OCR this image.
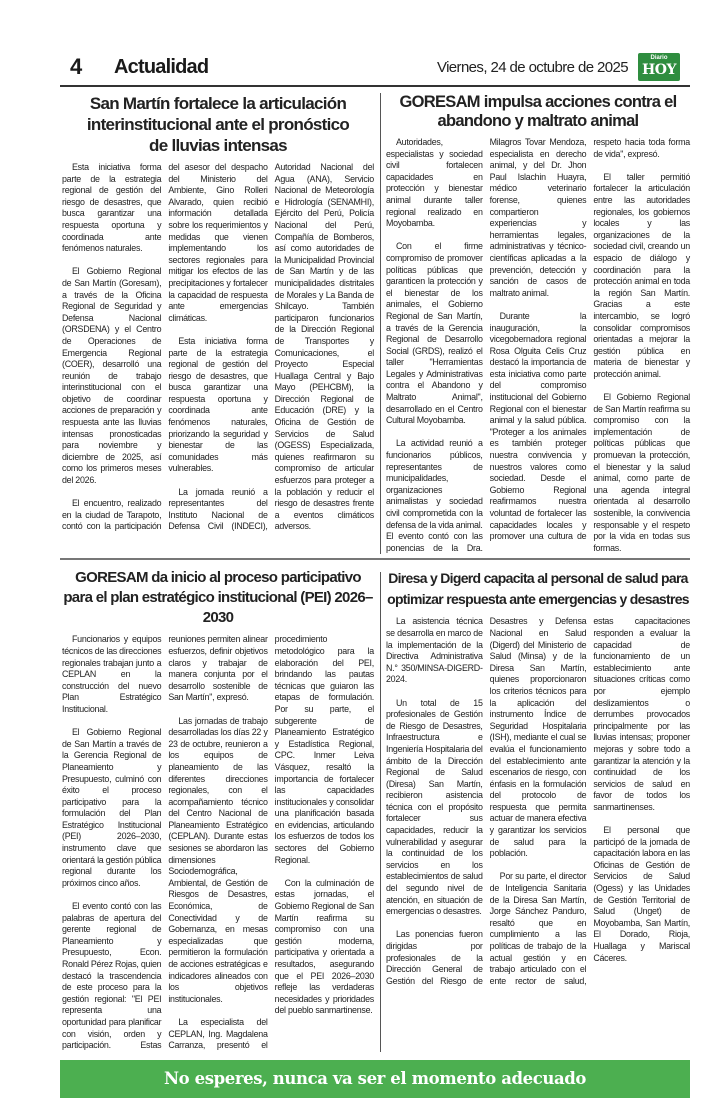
4	Actualidad	Viernes, 24 de octubre de 2025
Diario
HOY
San Martín fortalece la articulación interinstitucional ante el pronóstico de lluvias intensas

Esta iniciativa forma parte de la estrategia regional de gestión del riesgo de desastres, que busca garantizar una respuesta oportuna y coordinada ante fenómenos naturales.

El Gobierno Regional de San Martín (Goresam), a través de la Oficina Regional de Seguridad y Defensa Nacional (ORSDENA) y el Centro de Operaciones de Emergencia Regional (COER), desarrolló una reunión de trabajo interinstitucional con el objetivo de coordinar acciones de preparación y respuesta ante las lluvias intensas pronosticadas para noviembre y diciembre de 2025, así como los primeros meses del 2026.

El encuentro, realizado en la ciudad de Tarapoto, contó con la participación del asesor del despacho del Ministerio del Ambiente, Gino Rolleri Alvarado, quien recibió información detallada sobre los requerimientos y medidas que vienen implementando los sectores regionales para mitigar los efectos de las precipitaciones y fortalecer la capacidad de respuesta ante emergencias climáticas.

Esta iniciativa forma parte de la estrategia regional de gestión del riesgo de desastres, que busca garantizar una respuesta oportuna y coordinada ante fenómenos naturales, priorizando la seguridad y bienestar de las comunidades más vulnerables.

La jornada reunió a representantes del Instituto Nacional de Defensa Civil (INDECI), Autoridad Nacional del Agua (ANA), Servicio Nacional de Meteorología e Hidrología (SENAMHI), Ejército del Perú, Policía Nacional del Perú, Compañía de Bomberos, así como autoridades de la Municipalidad Provincial de San Martín y de las municipalidades distritales de Morales y La Banda de Shilcayo. También participaron funcionarios de la Dirección Regional de Transportes y Comunicaciones, el Proyecto Especial Huallaga Central y Bajo Mayo (PEHCBM), la Dirección Regional de Educación (DRE) y la Oficina de Gestión de Servicios de Salud (OGESS) Especializada, quienes reafirmaron su compromiso de articular esfuerzos para proteger a la población y reducir el riesgo de desastres frente a eventos climáticos adversos.

GORESAM impulsa acciones contra el abandono y maltrato animal

Autoridades, especialistas y sociedad civil fortalecen capacidades en protección y bienestar animal durante taller regional realizado en Moyobamba.

Con el firme compromiso de promover políticas públicas que garanticen la protección y el bienestar de los animales, el Gobierno Regional de San Martín, a través de la Gerencia Regional de Desarrollo Social (GRDS), realizó el taller "Herramientas Legales y Administrativas contra el Abandono y Maltrato Animal", desarrollado en el Centro Cultural Moyobamba.

La actividad reunió a funcionarios públicos, representantes de municipalidades, organizaciones animalistas y sociedad civil comprometida con la defensa de la vida animal. El evento contó con las ponencias de la Dra. Milagros Tovar Mendoza, especialista en derecho animal, y del Dr. Jhon Paul Islachin Huayra, médico veterinario forense, quienes compartieron experiencias y herramientas legales, administrativas y técnico-científicas aplicadas a la prevención, detección y sanción de casos de maltrato animal.

Durante la inauguración, la vicegobernadora regional Rosa Olguita Celis Cruz destacó la importancia de esta iniciativa como parte del compromiso institucional del Gobierno Regional con el bienestar animal y la salud pública. "Proteger a los animales es también proteger nuestra convivencia y nuestros valores como sociedad. Desde el Gobierno Regional reafirmamos nuestra voluntad de fortalecer las capacidades locales y promover una cultura de respeto hacia toda forma de vida", expresó.

El taller permitió fortalecer la articulación entre las autoridades regionales, los gobiernos locales y las organizaciones de la sociedad civil, creando un espacio de diálogo y coordinación para la protección animal en toda la región San Martín. Gracias a este intercambio, se logró consolidar compromisos orientadas a mejorar la gestión pública en materia de bienestar y protección animal.

El Gobierno Regional de San Martín reafirma su compromiso con la implementación de políticas públicas que promuevan la protección, el bienestar y la salud animal, como parte de una agenda integral orientada al desarrollo sostenible, la convivencia responsable y el respeto por la vida en todas sus formas.

GORESAM da inicio al proceso participativo para el plan estratégico institucional (PEI) 2026–2030

Funcionarios y equipos técnicos de las direcciones regionales trabajan junto a CEPLAN en la construcción del nuevo Plan Estratégico Institucional.

El Gobierno Regional de San Martín a través de la Gerencia Regional de Planeamiento y Presupuesto, culminó con éxito el proceso participativo para la formulación del Plan Estratégico Institucional (PEI) 2026–2030, instrumento clave que orientará la gestión pública regional durante los próximos cinco años.

El evento contó con las palabras de apertura del gerente regional de Planeamiento y Presupuesto, Econ. Ronald Pérez Rojas, quien destacó la trascendencia de este proceso para la gestión regional: "El PEI representa una oportunidad para planificar con visión, orden y participación. Estas reuniones permiten alinear esfuerzos, definir objetivos claros y trabajar de manera conjunta por el desarrollo sostenible de San Martín", expresó.

Las jornadas de trabajo desarrolladas los días 22 y 23 de octubre, reunieron a los equipos de planeamiento de las diferentes direcciones regionales, con el acompañamiento técnico del Centro Nacional de Planeamiento Estratégico (CEPLAN). Durante estas sesiones se abordaron las dimensiones Sociodemográfica, Ambiental, de Gestión de Riesgos de Desastres, Económica, de Conectividad y de Gobernanza, en mesas especializadas que permitieron la formulación de acciones estratégicas e indicadores alineados con los objetivos institucionales.

La especialista del CEPLAN, Ing. Magdalena Carranza, presentó el procedimiento metodológico para la elaboración del PEI, brindando las pautas técnicas que guiaron las etapas de formulación. Por su parte, el subgerente de Planeamiento Estratégico y Estadística Regional, CPC. Inmer Leiva Vásquez, resaltó la importancia de fortalecer las capacidades institucionales y consolidar una planificación basada en evidencias, articulando los esfuerzos de todos los sectores del Gobierno Regional.

Con la culminación de estas jornadas, el Gobierno Regional de San Martín reafirma su compromiso con una gestión moderna, participativa y orientada a resultados, asegurando que el PEI 2026–2030 refleje las verdaderas necesidades y prioridades del pueblo sanmartinense.

Diresa y Digerd capacita al personal de salud para optimizar respuesta ante emergencias y desastres

La asistencia técnica se desarrolla en marco de la implementación de la Directiva Administrativa N.° 350/MINSA-DIGERD-2024.

Un total de 15 profesionales de Gestión de Riesgo de Desastres, Infraestructura e Ingeniería Hospitalaria del ámbito de la Dirección Regional de Salud (Diresa) San Martín, recibieron asistencia técnica con el propósito fortalecer sus capacidades, reducir la vulnerabilidad y asegurar la continuidad de los servicios en los establecimientos de salud del segundo nivel de atención, en situación de emergencias o desastres.

Las ponencias fueron dirigidas por profesionales de la Dirección General de Gestión del Riesgo de Desastres y Defensa Nacional en Salud (Digerd) del Ministerio de Salud (Minsa) y de la Diresa San Martín, quienes proporcionaron los criterios técnicos para la aplicación del instrumento Índice de Seguridad Hospitalaria (ISH), mediante el cual se evalúa el funcionamiento del establecimiento ante escenarios de riesgo, con énfasis en la formulación del protocolo de respuesta que permita actuar de manera efectiva y garantizar los servicios de salud para la población.

Por su parte, el director de Inteligencia Sanitaria de la Diresa San Martín, Jorge Sánchez Panduro, resaltó que en cumplimiento a las políticas de trabajo de la actual gestión y en trabajo articulado con el ente rector de salud, estas capacitaciones responden a evaluar la capacidad de funcionamiento de un establecimiento ante situaciones críticas como por ejemplo deslizamientos o derrumbes provocados principalmente por las lluvias intensas; proponer mejoras y sobre todo a garantizar la atención y la continuidad de los servicios de salud en favor de todos los sanmartinenses.

El personal que participó de la jornada de capacitación labora en las Oficinas de Gestión de Servicios de Salud (Ogess) y las Unidades de Gestión Territorial de Salud (Unget) de Moyobamba, San Martín, El Dorado, Rioja, Huallaga y Mariscal Cáceres.

No esperes, nunca va ser el momento adecuado
